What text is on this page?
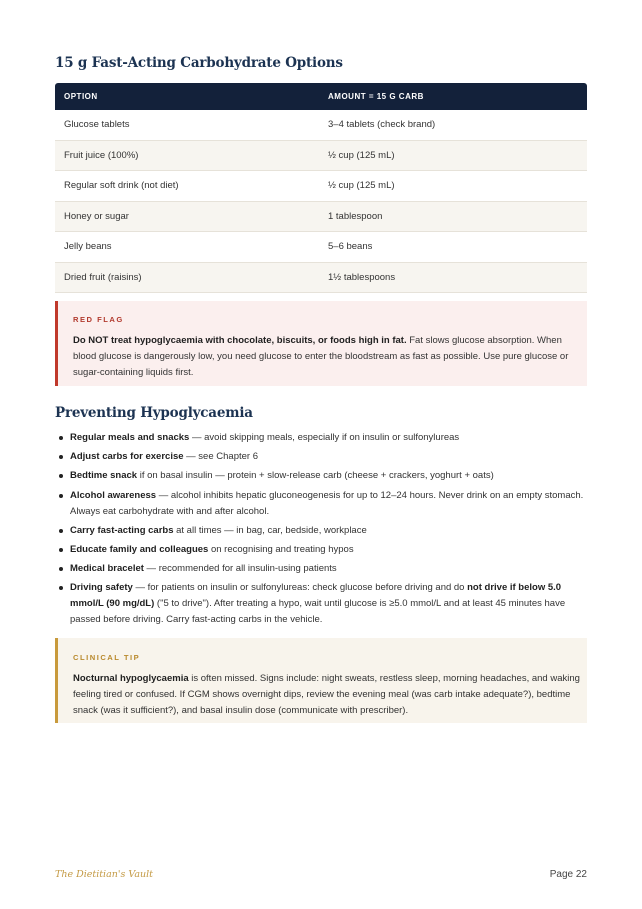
15 g Fast-Acting Carbohydrate Options
OPTION	AMOUNT = 15 G CARB
Glucose tablets	3–4 tablets (check brand)
Fruit juice (100%)	½ cup (125 mL)
Regular soft drink (not diet)	½ cup (125 mL)
Honey or sugar	1 tablespoon
Jelly beans	5–6 beans
Dried fruit (raisins)	1½ tablespoons
RED FLAG

Do NOT treat hypoglycaemia with chocolate, biscuits, or foods high in fat. Fat slows glucose absorption. When blood glucose is dangerously low, you need glucose to enter the bloodstream as fast as possible. Use pure glucose or sugar-containing liquids first.

Preventing Hypoglycaemia
Regular meals and snacks — avoid skipping meals, especially if on insulin or sulfonylureas
Adjust carbs for exercise — see Chapter 6
Bedtime snack if on basal insulin — protein + slow-release carb (cheese + crackers, yoghurt + oats)
Alcohol awareness — alcohol inhibits hepatic gluconeogenesis for up to 12–24 hours. Never drink on an empty stomach. Always eat carbohydrate with and after alcohol.
Carry fast-acting carbs at all times — in bag, car, bedside, workplace
Educate family and colleagues on recognising and treating hypos
Medical bracelet — recommended for all insulin-using patients
Driving safety — for patients on insulin or sulfonylureas: check glucose before driving and do not drive if below 5.0 mmol/L (90 mg/dL) ("5 to drive"). After treating a hypo, wait until glucose is ≥5.0 mmol/L and at least 45 minutes have passed before driving. Carry fast-acting carbs in the vehicle.
CLINICAL TIP

Nocturnal hypoglycaemia is often missed. Signs include: night sweats, restless sleep, morning headaches, and waking feeling tired or confused. If CGM shows overnight dips, review the evening meal (was carb intake adequate?), bedtime snack (was it sufficient?), and basal insulin dose (communicate with prescriber).

The Dietitian's Vault	Page 22
